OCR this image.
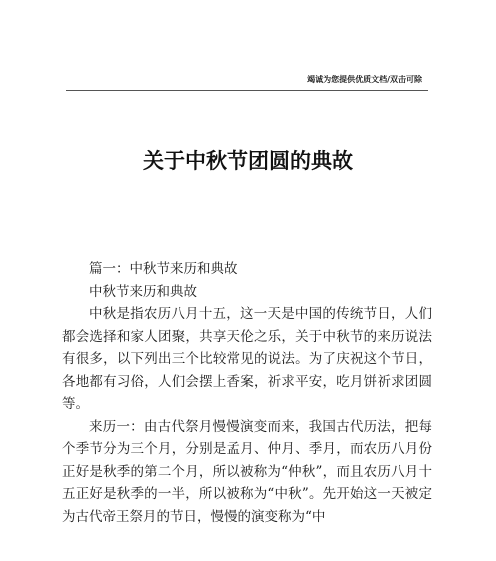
竭诚为您提供优质文档/双击可除
关于中秋节团圆的典故

篇一：中秋节来历和典故

中秋节来历和典故

中秋是指农历八月十五，这一天是中国的传统节日，人们都会选择和家人团聚，共享天伦之乐，关于中秋节的来历说法有很多，以下列出三个比较常见的说法。为了庆祝这个节日，各地都有习俗，人们会摆上香案，祈求平安，吃月饼祈求团圆等。

来历一：由古代祭月慢慢演变而来，我国古代历法，把每个季节分为三个月，分别是孟月、仲月、季月，而农历八月份正好是秋季的第二个月，所以被称为“仲秋”，而且农历八月十五正好是秋季的一半，所以被称为“中秋”。先开始这一天被定为古代帝王祭月的节日，慢慢的演变称为“中
